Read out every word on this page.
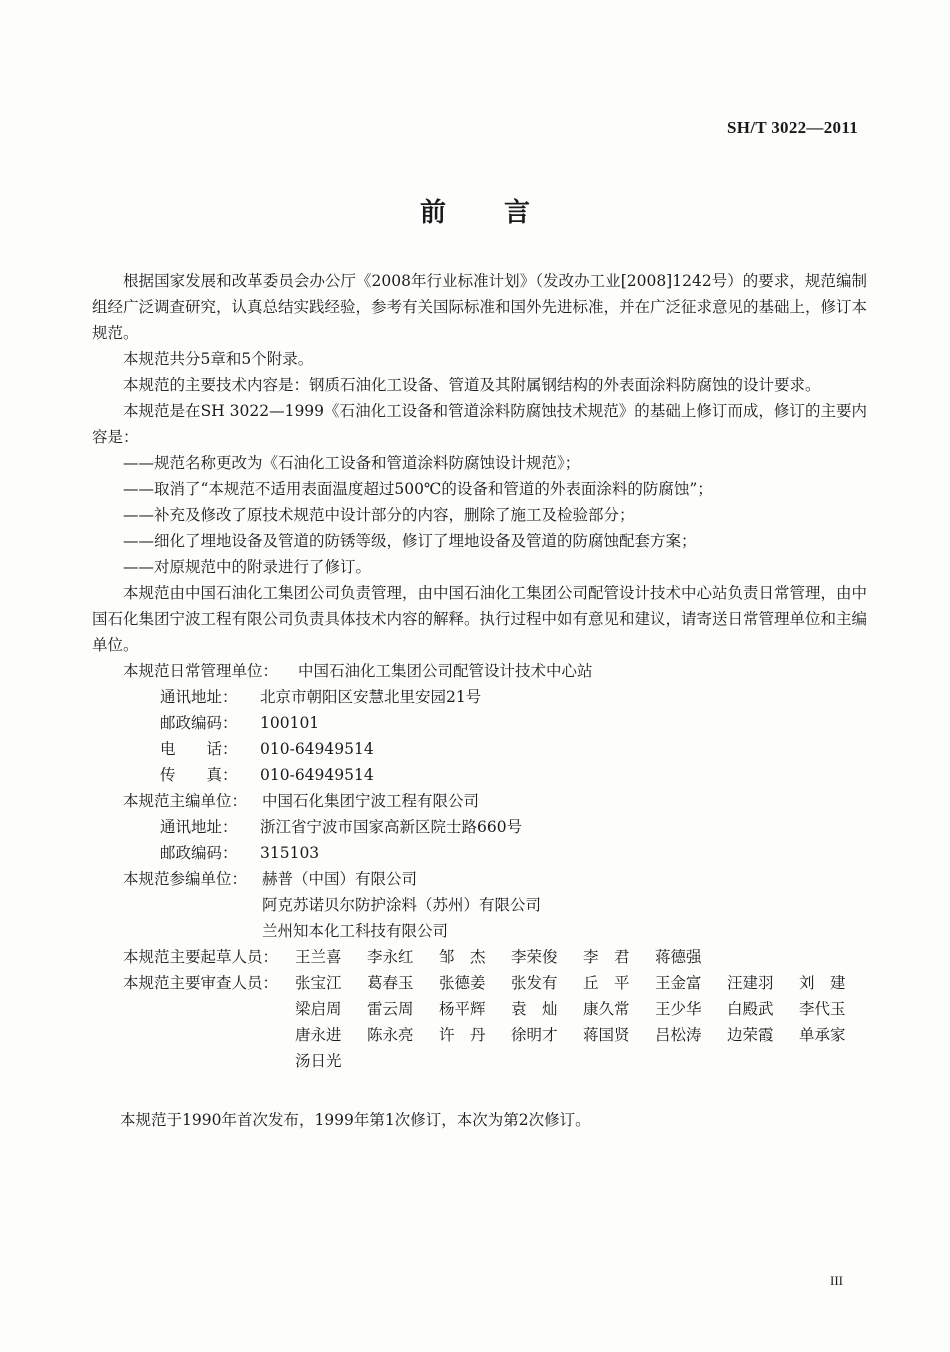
SH/T 3022—2011
前言

根据国家发展和改革委员会办公厅《2008年行业标准计划》（发改办工业[2008]1242号）的要求，规范编制组经广泛调查研究，认真总结实践经验，参考有关国际标准和国外先进标准，并在广泛征求意见的基础上，修订本规范。

本规范共分5章和5个附录。

本规范的主要技术内容是：钢质石油化工设备、管道及其附属钢结构的外表面涂料防腐蚀的设计要求。

本规范是在SH 3022—1999《石油化工设备和管道涂料防腐蚀技术规范》的基础上修订而成，修订的主要内容是：

——规范名称更改为《石油化工设备和管道涂料防腐蚀设计规范》；

——取消了“本规范不适用表面温度超过500℃的设备和管道的外表面涂料的防腐蚀”；

——补充及修改了原技术规范中设计部分的内容，删除了施工及检验部分；

——细化了埋地设备及管道的防锈等级，修订了埋地设备及管道的防腐蚀配套方案；

——对原规范中的附录进行了修订。

本规范由中国石油化工集团公司负责管理，由中国石油化工集团公司配管设计技术中心站负责日常管理，由中国石化集团宁波工程有限公司负责具体技术内容的解释。执行过程中如有意见和建议，请寄送日常管理单位和主编单位。

本规范日常管理单位：	中国石油化工集团公司配管设计技术中心站
通讯地址：	北京市朝阳区安慧北里安园21号
邮政编码：	100101
电　　话：	010-64949514
传　　真：	010-64949514
本规范主编单位： 中国石化集团宁波工程有限公司
通讯地址：	浙江省宁波市国家高新区院士路660号
邮政编码：	315103
本规范参编单位： 赫普（中国）有限公司
阿克苏诺贝尔防护涂料（苏州）有限公司
兰州知本化工科技有限公司
本规范主要起草人员：	王兰喜	李永红	邹　杰	李荣俊	李　君	蒋德强
本规范主要审查人员：	张宝江	葛春玉	张德姜	张发有	丘　平	王金富	汪建羽	刘　建
梁启周	雷云周	杨平辉	袁　灿	康久常	王少华	白殿武	李代玉
唐永进	陈永亮	许　丹	徐明才	蒋国贤	吕松涛	边荣霞	单承家
汤日光
本规范于1990年首次发布，1999年第1次修订，本次为第2次修订。
III
